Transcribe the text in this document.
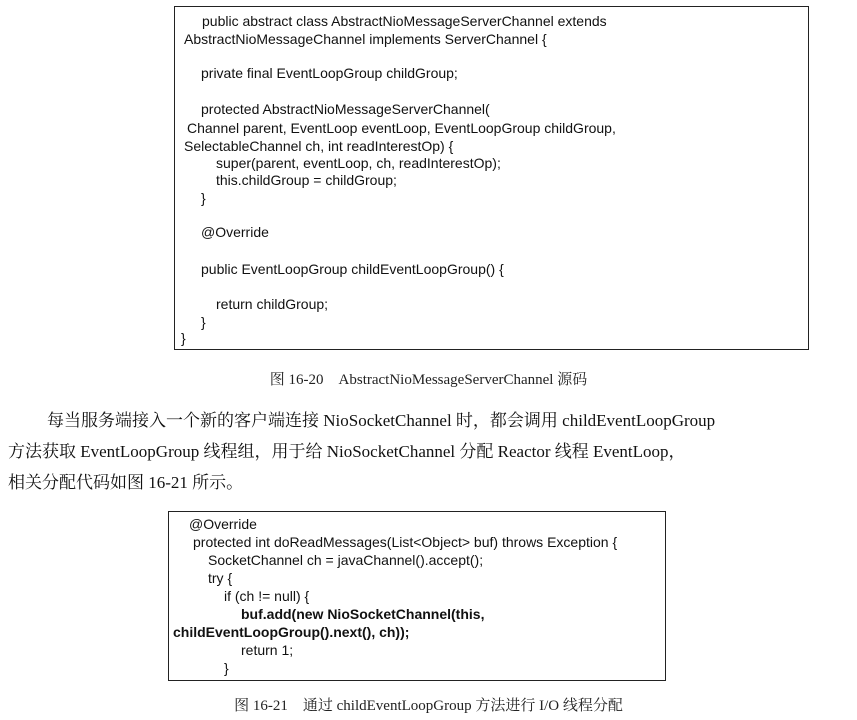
public abstract class AbstractNioMessageServerChannel extends
AbstractNioMessageChannel implements ServerChannel {
private final EventLoopGroup childGroup;
protected AbstractNioMessageServerChannel(
Channel parent, EventLoop eventLoop, EventLoopGroup childGroup,
SelectableChannel ch, int readInterestOp) {
super(parent, eventLoop, ch, readInterestOp);
this.childGroup = childGroup;
}
@Override
public EventLoopGroup childEventLoopGroup() {
return childGroup;
}
}
图 16-20　AbstractNioMessageServerChannel 源码
每当服务端接入一个新的客户端连接 NioSocketChannel 时，都会调用 childEventLoopGroup
方法获取 EventLoopGroup 线程组，用于给 NioSocketChannel 分配 Reactor 线程 EventLoop，
相关分配代码如图 16-21 所示。
@Override
protected int doReadMessages(List<Object> buf) throws Exception {
SocketChannel ch = javaChannel().accept();
try {
if (ch != null) {
buf.add(new NioSocketChannel(this,
childEventLoopGroup().next(), ch));
return 1;
}
图 16-21　通过 childEventLoopGroup 方法进行 I/O 线程分配
